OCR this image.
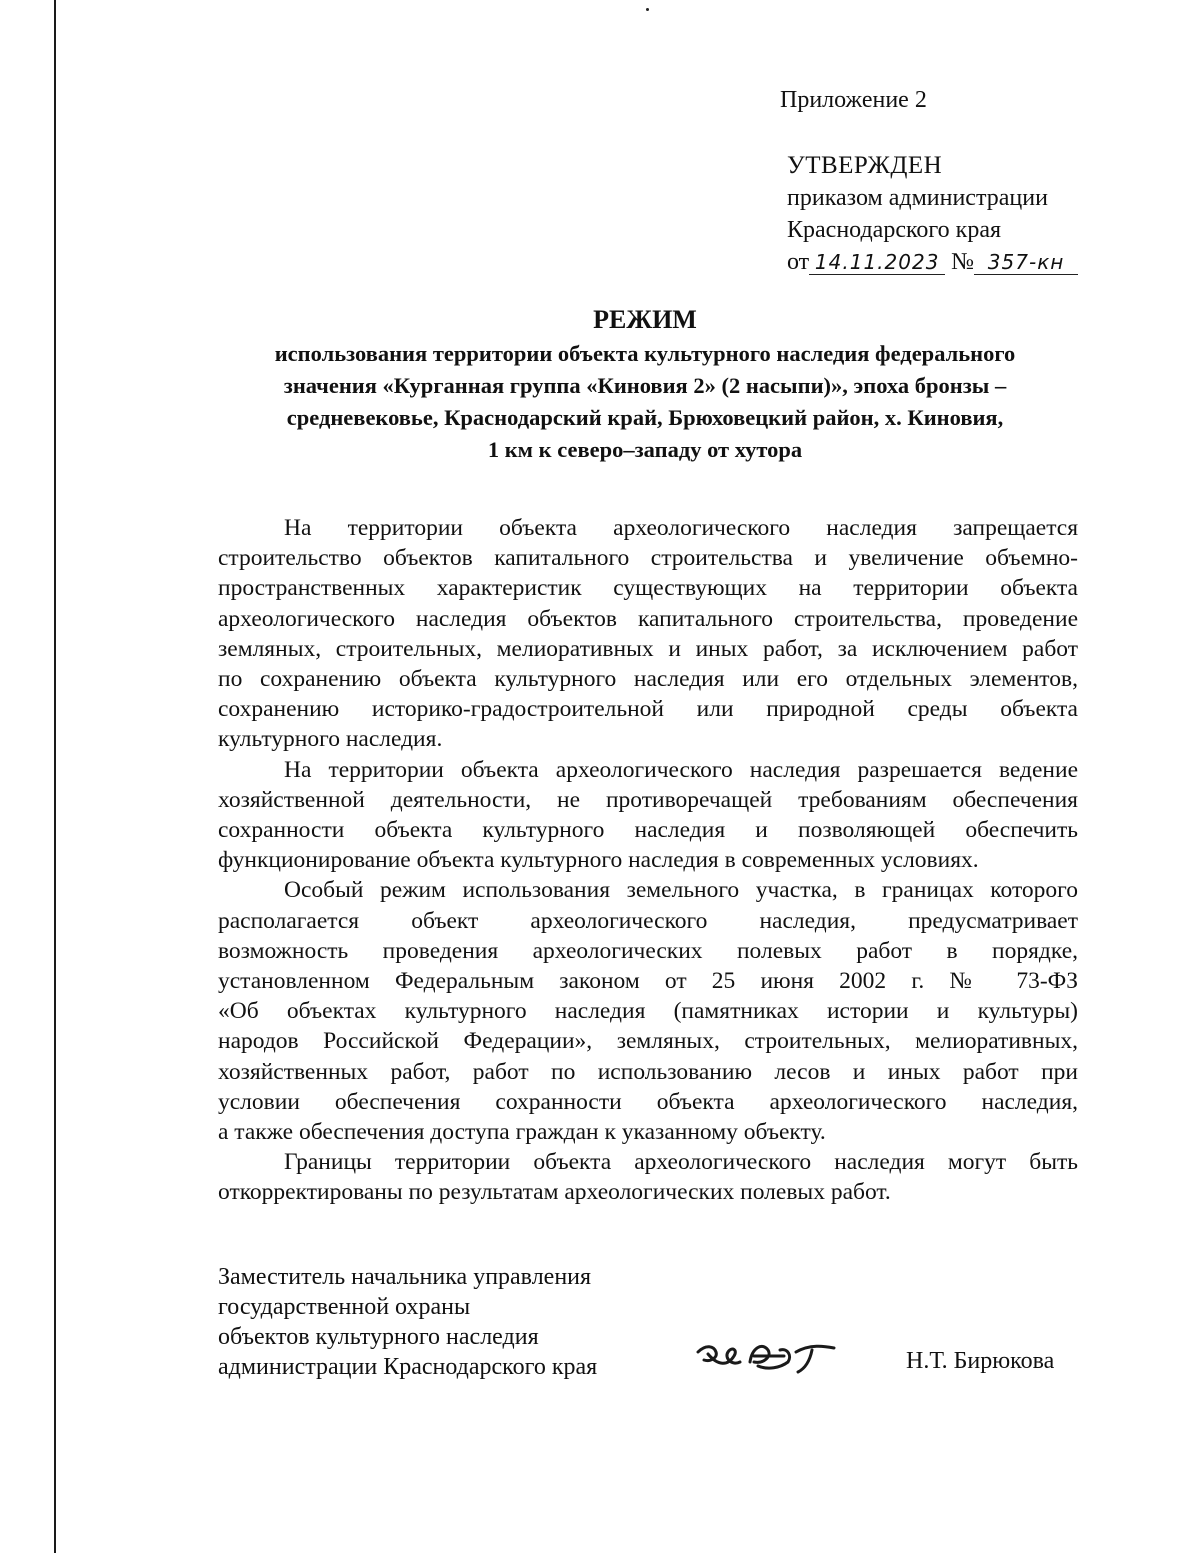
Приложение 2
УТВЕРЖДЕН
приказом администрации
Краснодарского края
от 14.11.2023 № 357-кн
РЕЖИМ
использования территории объекта культурного наследия федерального
значения «Курганная группа «Киновия 2» (2 насыпи)», эпоха бронзы –
средневековье, Краснодарский край, Брюховецкий район, х. Киновия,
1 км к северо–западу от хутора

На территории объекта археологического наследия запрещается
строительство объектов капитального строительства и увеличение объемно-
пространственных характеристик существующих на территории объекта
археологического наследия объектов капитального строительства, проведение
земляных, строительных, мелиоративных и иных работ, за исключением работ
по сохранению объекта культурного наследия или его отдельных элементов,
сохранению историко-градостроительной или природной среды объекта
культурного наследия.

На территории объекта археологического наследия разрешается ведение
хозяйственной деятельности, не противоречащей требованиям обеспечения
сохранности объекта культурного наследия и позволяющей обеспечить
функционирование объекта культурного наследия в современных условиях.

Особый режим использования земельного участка, в границах которого
располагается объект археологического наследия, предусматривает
возможность проведения археологических полевых работ в порядке,
установленном Федеральным законом от 25 июня 2002 г. № 73-ФЗ
«Об объектах культурного наследия (памятниках истории и культуры)
народов Российской Федерации», земляных, строительных, мелиоративных,
хозяйственных работ, работ по использованию лесов и иных работ при
условии обеспечения сохранности объекта археологического наследия,
а также обеспечения доступа граждан к указанному объекту.

Границы территории объекта археологического наследия могут быть
откорректированы по результатам археологических полевых работ.

Заместитель начальника управления
государственной охраны
объектов культурного наследия
администрации Краснодарского края	Н.Т. Бирюкова
